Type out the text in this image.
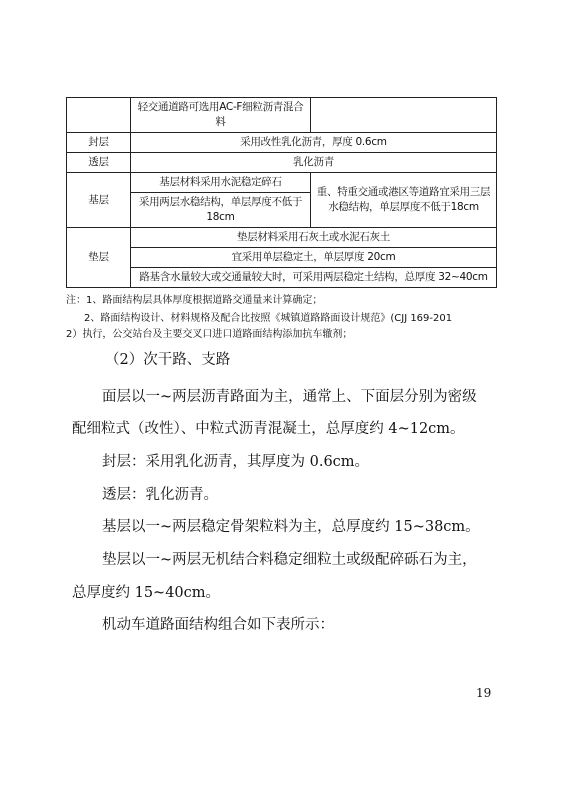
	轻交通道路可选用AC-F细粒沥青混合料	
封层	采用改性乳化沥青，厚度 0.6cm	
透层	乳化沥青	
基层	基层材料采用水泥稳定碎石	重、特重交通或港区等道路宜采用三层水稳结构，单层厚度不低于18cm
	采用两层水稳结构，单层厚度不低于18cm	
垫层	垫层材料采用石灰土或水泥石灰土	
	宜采用单层稳定土，单层厚度 20cm	
	路基含水量较大或交通量较大时，可采用两层稳定土结构，总厚度 32~40cm	
注：1、路面结构层具体厚度根据道路交通量来计算确定；
2、路面结构设计、材料规格及配合比按照《城镇道路路面设计规范》(CJJ 169-201
2）执行，公交站台及主要交叉口进口道路面结构添加抗车辙剂；
（2）次干路、支路
面层以一~两层沥青路面为主，通常上、下面层分别为密级
配细粒式（改性）、中粒式沥青混凝土，总厚度约 4~12cm。
封层：采用乳化沥青，其厚度为 0.6cm。
透层：乳化沥青。
基层以一~两层稳定骨架粒料为主，总厚度约 15~38cm。
垫层以一~两层无机结合料稳定细粒土或级配碎砾石为主，
总厚度约 15~40cm。
机动车道路面结构组合如下表所示：
19
